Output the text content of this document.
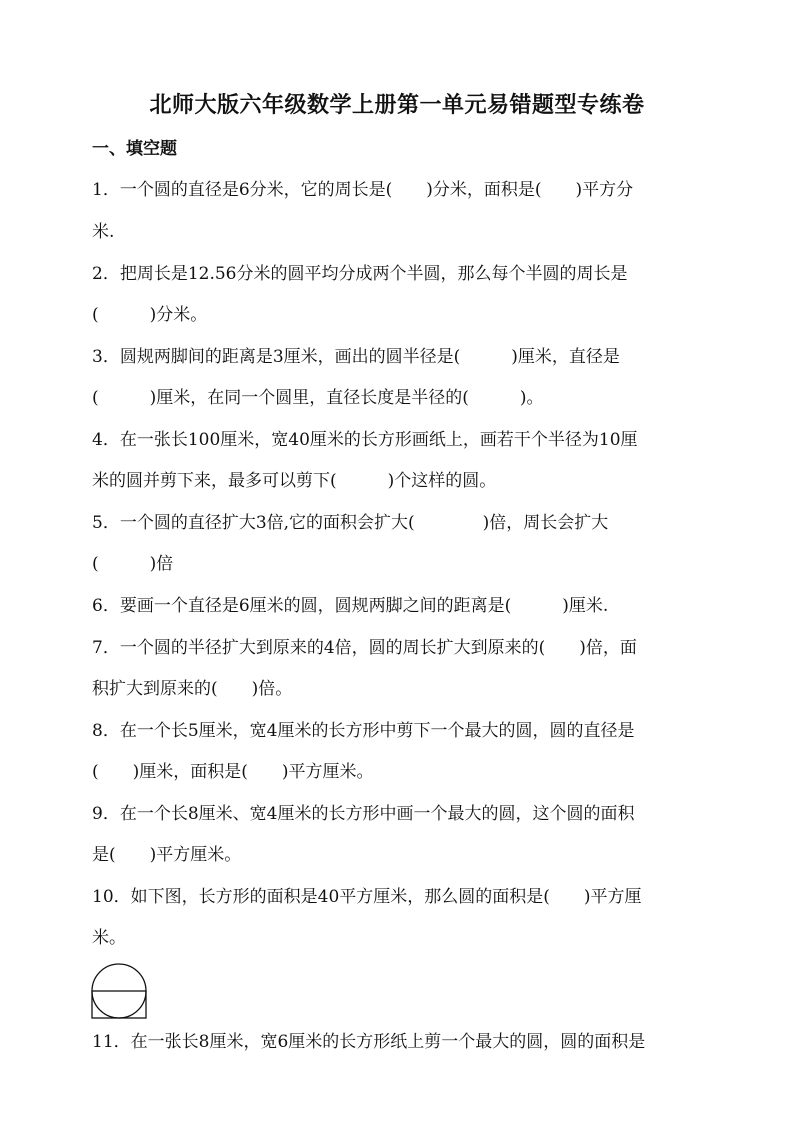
北师大版六年级数学上册第一单元易错题型专练卷
一、填空题
1．一个圆的直径是6分米，它的周长是(　　)分米，面积是(　　)平方分
米.
2．把周长是12.56分米的圆平均分成两个半圆，那么每个半圆的周长是
(　　　)分米。
3．圆规两脚间的距离是3厘米，画出的圆半径是(　　　)厘米，直径是
(　　　)厘米，在同一个圆里，直径长度是半径的(　　　)。
4．在一张长100厘米，宽40厘米的长方形画纸上，画若干个半径为10厘
米的圆并剪下来，最多可以剪下(　　　)个这样的圆。
5．一个圆的直径扩大3倍,它的面积会扩大(　　　　)倍，周长会扩大
(　　　)倍
6．要画一个直径是6厘米的圆，圆规两脚之间的距离是(　　　)厘米.
7．一个圆的半径扩大到原来的4倍，圆的周长扩大到原来的(　　)倍，面
积扩大到原来的(　　)倍。
8．在一个长5厘米，宽4厘米的长方形中剪下一个最大的圆，圆的直径是
(　　)厘米，面积是(　　)平方厘米。
9．在一个长8厘米、宽4厘米的长方形中画一个最大的圆，这个圆的面积
是(　　)平方厘米。
10．如下图，长方形的面积是40平方厘米，那么圆的面积是(　　)平方厘
米。
11．在一张长8厘米，宽6厘米的长方形纸上剪一个最大的圆，圆的面积是
